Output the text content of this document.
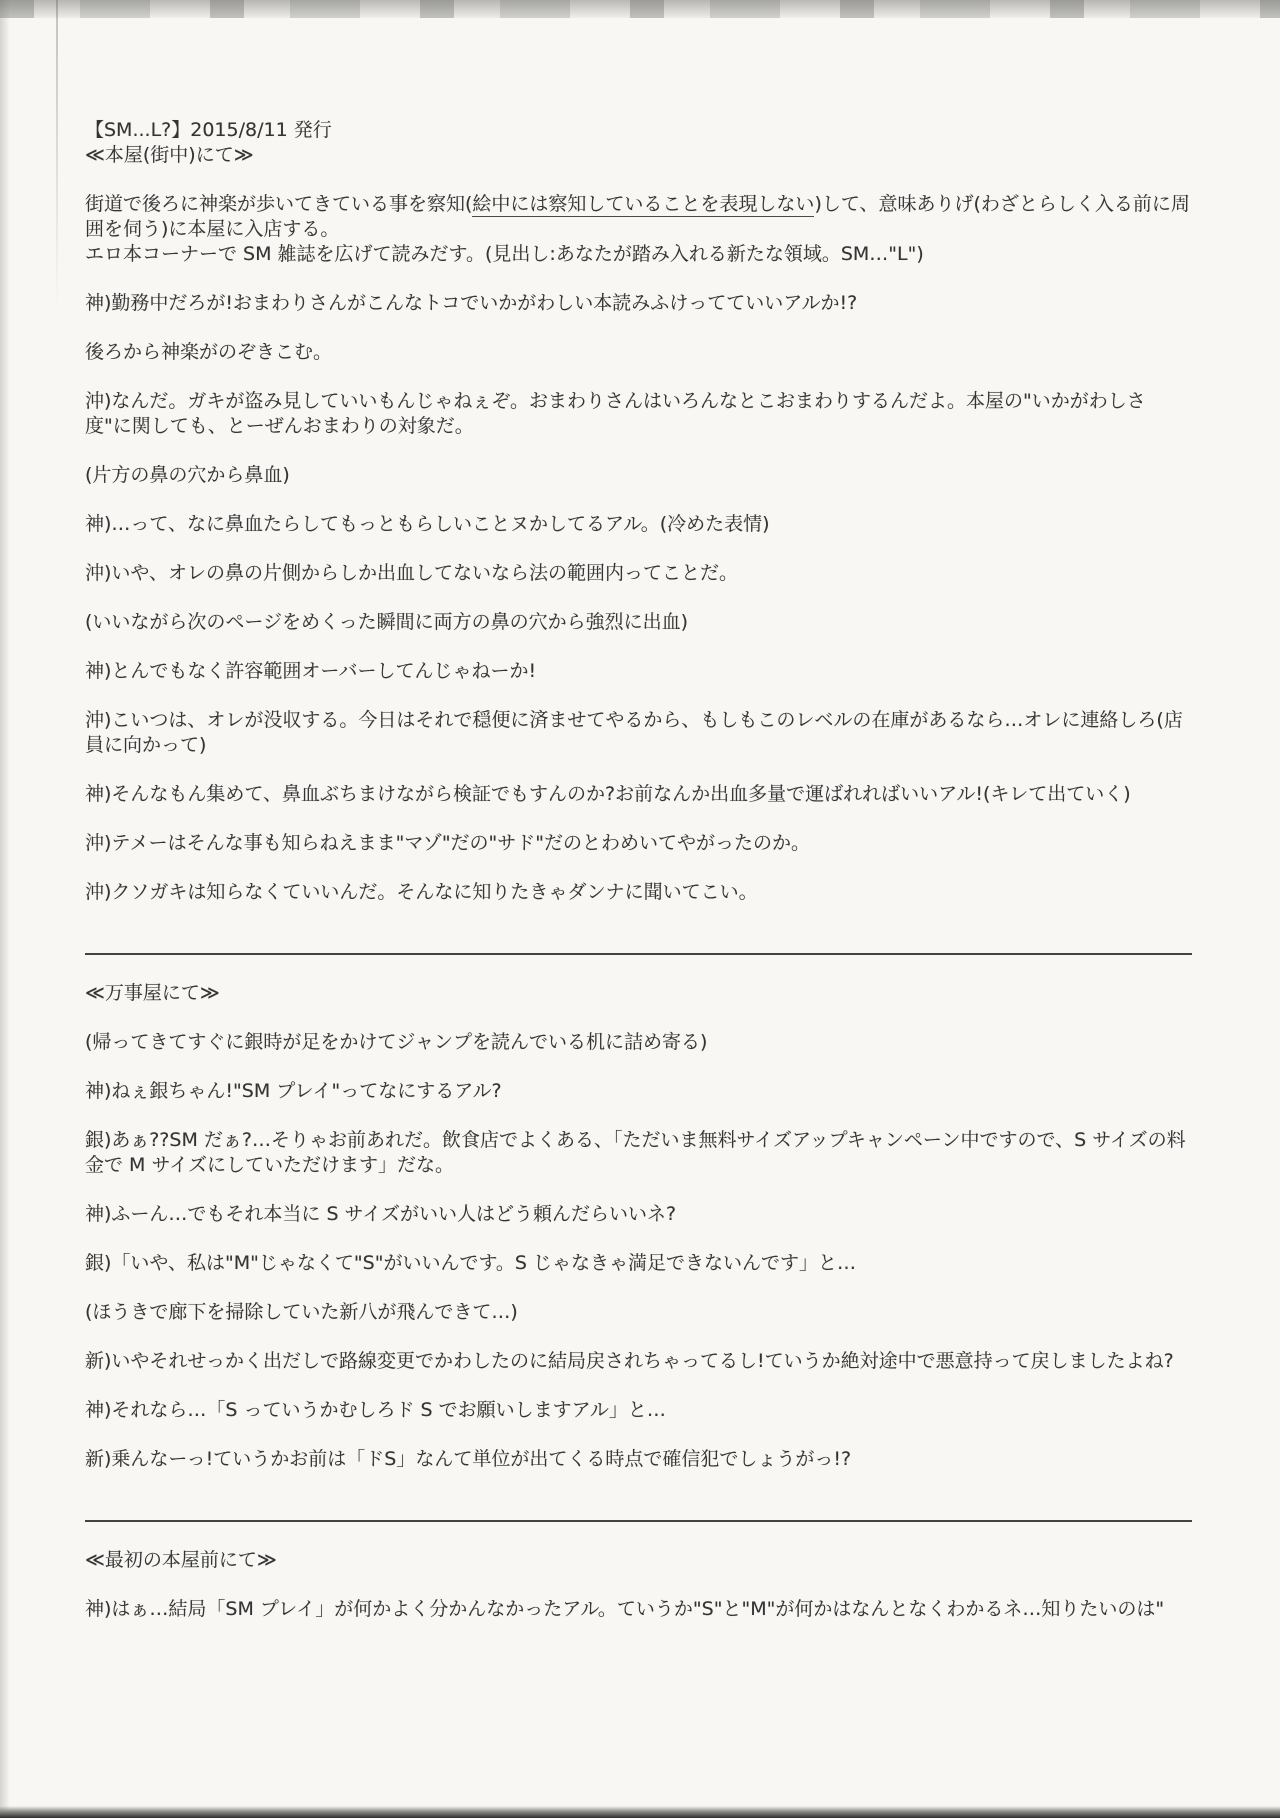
【SM...L?】2015/8/11 発行

≪本屋(街中)にて≫

街道で後ろに神楽が歩いてきている事を察知(絵中には察知していることを表現しない)して、意味ありげ(わざとらしく入る前に周囲を伺う)に本屋に入店する。

エロ本コーナーで SM 雑誌を広げて読みだす。(見出し:あなたが踏み入れる新たな領域。SM…"L")

神)勤務中だろが!おまわりさんがこんなトコでいかがわしい本読みふけってていいアルか!?

後ろから神楽がのぞきこむ。

沖)なんだ。ガキが盗み見していいもんじゃねぇぞ。おまわりさんはいろんなとこおまわりするんだよ。本屋の"いかがわしさ度"に関しても、とーぜんおまわりの対象だ。

(片方の鼻の穴から鼻血)

神)…って、なに鼻血たらしてもっともらしいことヌかしてるアル。(冷めた表情)

沖)いや、オレの鼻の片側からしか出血してないなら法の範囲内ってことだ。

(いいながら次のページをめくった瞬間に両方の鼻の穴から強烈に出血)

神)とんでもなく許容範囲オーバーしてんじゃねーか!

沖)こいつは、オレが没収する。今日はそれで穏便に済ませてやるから、もしもこのレベルの在庫があるなら…オレに連絡しろ(店員に向かって)

神)そんなもん集めて、鼻血ぶちまけながら検証でもすんのか?お前なんか出血多量で運ばれればいいアル!(キレて出ていく)

沖)テメーはそんな事も知らねえまま"マゾ"だの"サド"だのとわめいてやがったのか。

沖)クソガキは知らなくていいんだ。そんなに知りたきゃダンナに聞いてこい。

≪万事屋にて≫

(帰ってきてすぐに銀時が足をかけてジャンプを読んでいる机に詰め寄る)

神)ねぇ銀ちゃん!"SM プレイ"ってなにするアル?

銀)あぁ??SM だぁ?…そりゃお前あれだ。飲食店でよくある、「ただいま無料サイズアップキャンペーン中ですので、S サイズの料金で M サイズにしていただけます」だな。

神)ふーん…でもそれ本当に S サイズがいい人はどう頼んだらいいネ?

銀)「いや、私は"M"じゃなくて"S"がいいんです。S じゃなきゃ満足できないんです」と…

(ほうきで廊下を掃除していた新八が飛んできて…)

新)いやそれせっかく出だしで路線変更でかわしたのに結局戻されちゃってるし!ていうか絶対途中で悪意持って戻しましたよね?

神)それなら…「S っていうかむしろド S でお願いしますアル」と…

新)乗んなーっ!ていうかお前は「ドS」なんて単位が出てくる時点で確信犯でしょうがっ!?

≪最初の本屋前にて≫

神)はぁ…結局「SM プレイ」が何かよく分かんなかったアル。ていうか"S"と"M"が何かはなんとなくわかるネ…知りたいのは"
